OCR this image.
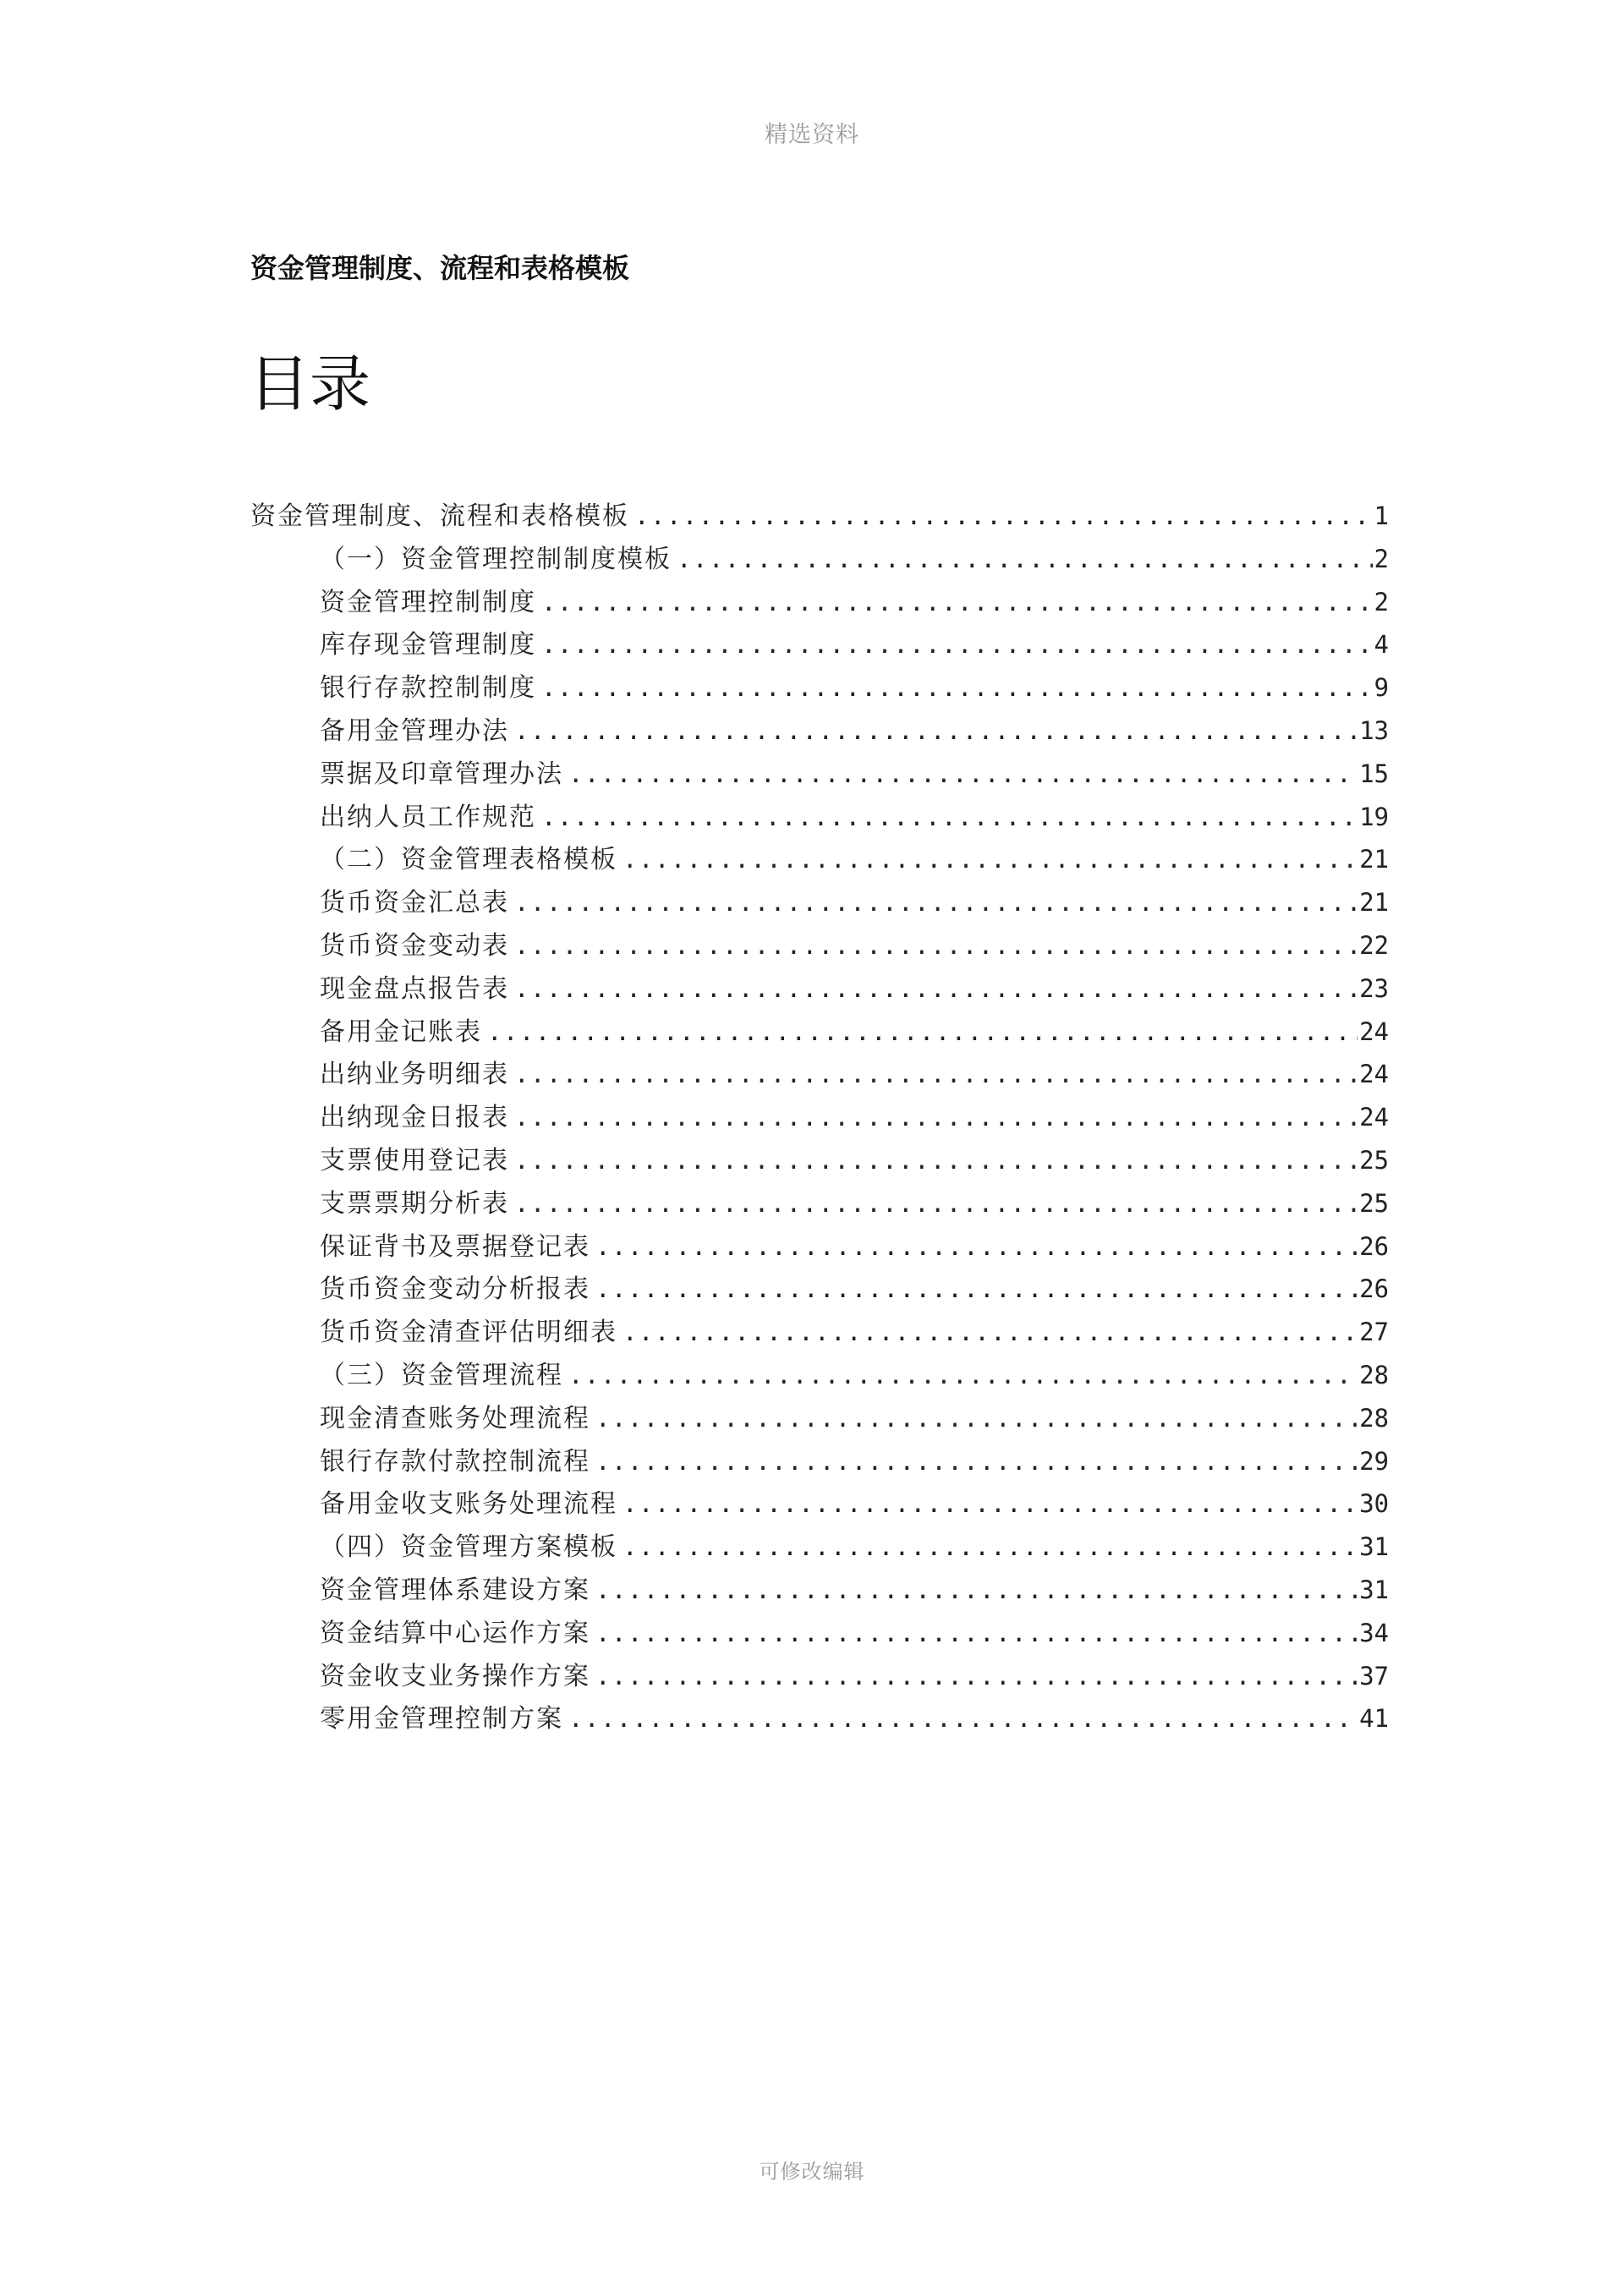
精选资料
资金管理制度、流程和表格模板
目录
资金管理制度、流程和表格模板 . . .	1
（一）资金管理控制制度模板 . . .	2
资金管理控制制度 . . .	2
库存现金管理制度 . . .	4
银行存款控制制度 . . .	9
备用金管理办法 . . .	13
票据及印章管理办法 . . .	15
出纳人员工作规范 . . .	19
（二）资金管理表格模板 . . .	21
货币资金汇总表 . . .	21
货币资金变动表 . . .	22
现金盘点报告表 . . .	23
备用金记账表 . . .	24
出纳业务明细表 . . .	24
出纳现金日报表 . . .	24
支票使用登记表 . . .	25
支票票期分析表 . . .	25
保证背书及票据登记表 . . .	26
货币资金变动分析报表 . . .	26
货币资金清查评估明细表 . . .	27
（三）资金管理流程 . . .	28
现金清查账务处理流程 . . .	28
银行存款付款控制流程 . . .	29
备用金收支账务处理流程 . . .	30
（四）资金管理方案模板 . . .	31
资金管理体系建设方案 . . .	31
资金结算中心运作方案 . . .	34
资金收支业务操作方案 . . .	37
零用金管理控制方案 . . .	41
可修改编辑
